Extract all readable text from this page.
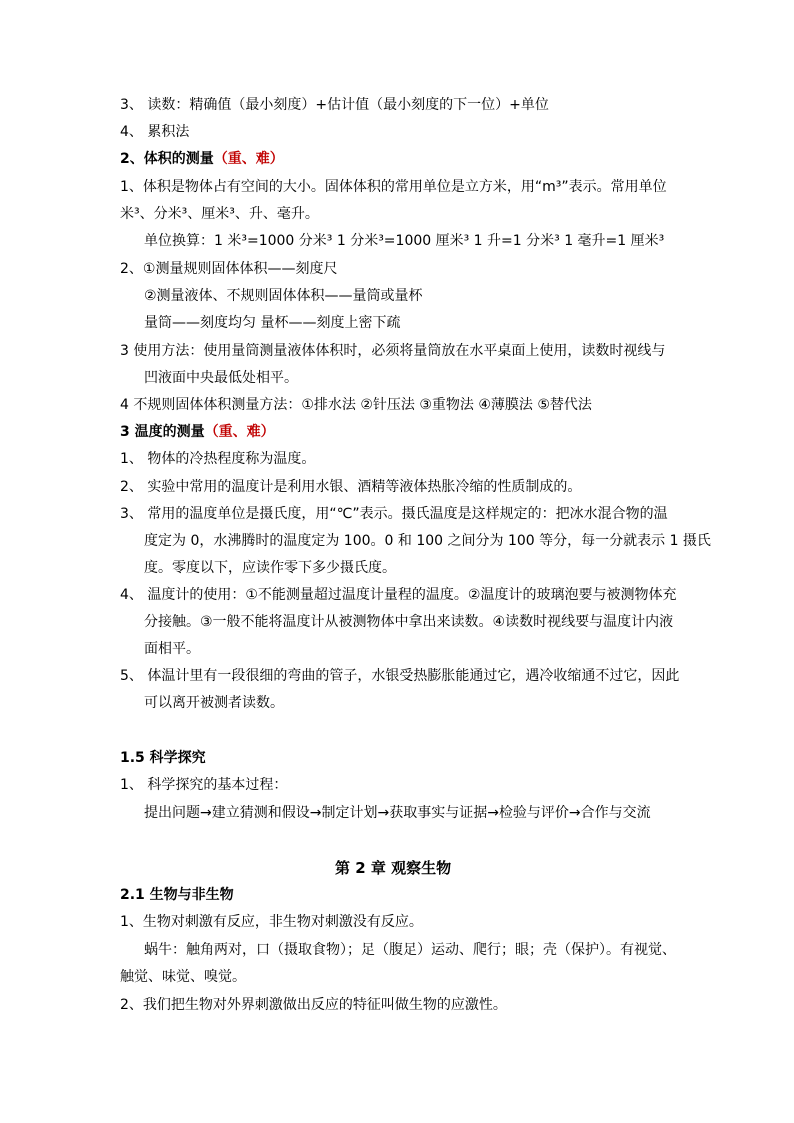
3、 读数：精确值（最小刻度）+估计值（最小刻度的下一位）+单位
4、 累积法
2、体积的测量（重、难）
1、体积是物体占有空间的大小。固体体积的常用单位是立方米，用“m³”表示。常用单位
米³、分米³、厘米³、升、毫升。
单位换算：1 米³=1000 分米³ 1 分米³=1000 厘米³ 1 升=1 分米³ 1 毫升=1 厘米³
2、①测量规则固体体积——刻度尺
②测量液体、不规则固体体积——量筒或量杯
量筒——刻度均匀 量杯——刻度上密下疏
3 使用方法：使用量筒测量液体体积时，必须将量筒放在水平桌面上使用，读数时视线与
凹液面中央最低处相平。
4 不规则固体体积测量方法：①排水法 ②针压法 ③重物法 ④薄膜法 ⑤替代法
3 温度的测量（重、难）
1、 物体的冷热程度称为温度。
2、 实验中常用的温度计是利用水银、酒精等液体热胀冷缩的性质制成的。
3、 常用的温度单位是摄氏度，用“℃”表示。摄氏温度是这样规定的：把冰水混合物的温
度定为 0，水沸腾时的温度定为 100。0 和 100 之间分为 100 等分，每一分就表示 1 摄氏
度。零度以下，应读作零下多少摄氏度。
4、 温度计的使用：①不能测量超过温度计量程的温度。②温度计的玻璃泡要与被测物体充
分接触。③一般不能将温度计从被测物体中拿出来读数。④读数时视线要与温度计内液
面相平。
5、 体温计里有一段很细的弯曲的管子，水银受热膨胀能通过它，遇冷收缩通不过它，因此
可以离开被测者读数。
1.5 科学探究
1、 科学探究的基本过程：
提出问题→建立猜测和假设→制定计划→获取事实与证据→检验与评价→合作与交流
第 2 章 观察生物
2.1 生物与非生物
1、生物对刺激有反应，非生物对刺激没有反应。
蜗牛：触角两对，口（摄取食物）；足（腹足）运动、爬行；眼；壳（保护）。有视觉、
触觉、味觉、嗅觉。
2、我们把生物对外界刺激做出反应的特征叫做生物的应激性。
